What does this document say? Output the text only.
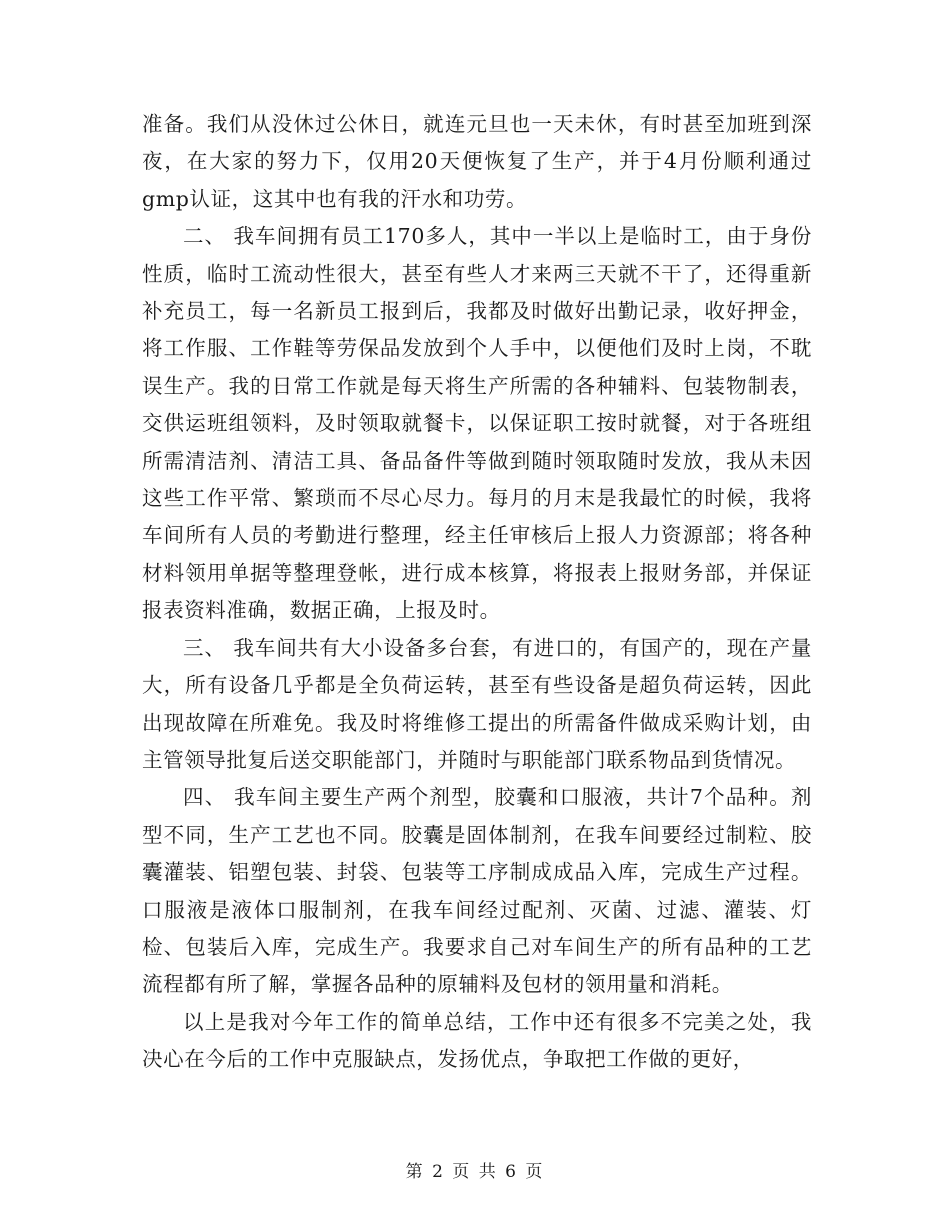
准备。我们从没休过公休日，就连元旦也一天未休，有时甚至加班到深夜，在大家的努力下，仅用20天便恢复了生产，并于4月份顺利通过gmp认证，这其中也有我的汗水和功劳。

二、 我车间拥有员工170多人，其中一半以上是临时工，由于身份性质，临时工流动性很大，甚至有些人才来两三天就不干了，还得重新补充员工，每一名新员工报到后，我都及时做好出勤记录，收好押金，将工作服、工作鞋等劳保品发放到个人手中，以便他们及时上岗，不耽误生产。我的日常工作就是每天将生产所需的各种辅料、包装物制表，交供运班组领料，及时领取就餐卡，以保证职工按时就餐，对于各班组所需清洁剂、清洁工具、备品备件等做到随时领取随时发放，我从未因这些工作平常、繁琐而不尽心尽力。每月的月末是我最忙的时候，我将车间所有人员的考勤进行整理，经主任审核后上报人力资源部；将各种材料领用单据等整理登帐，进行成本核算，将报表上报财务部，并保证报表资料准确，数据正确，上报及时。

三、 我车间共有大小设备多台套，有进口的，有国产的，现在产量大，所有设备几乎都是全负荷运转，甚至有些设备是超负荷运转，因此出现故障在所难免。我及时将维修工提出的所需备件做成采购计划，由主管领导批复后送交职能部门，并随时与职能部门联系物品到货情况。

四、 我车间主要生产两个剂型，胶囊和口服液，共计7个品种。剂型不同，生产工艺也不同。胶囊是固体制剂，在我车间要经过制粒、胶囊灌装、铝塑包装、封袋、包装等工序制成成品入库，完成生产过程。口服液是液体口服制剂，在我车间经过配剂、灭菌、过滤、灌装、灯检、包装后入库，完成生产。我要求自己对车间生产的所有品种的工艺流程都有所了解，掌握各品种的原辅料及包材的领用量和消耗。

以上是我对今年工作的简单总结，工作中还有很多不完美之处，我决心在今后的工作中克服缺点，发扬优点，争取把工作做的更好，

第 2 页 共 6 页
